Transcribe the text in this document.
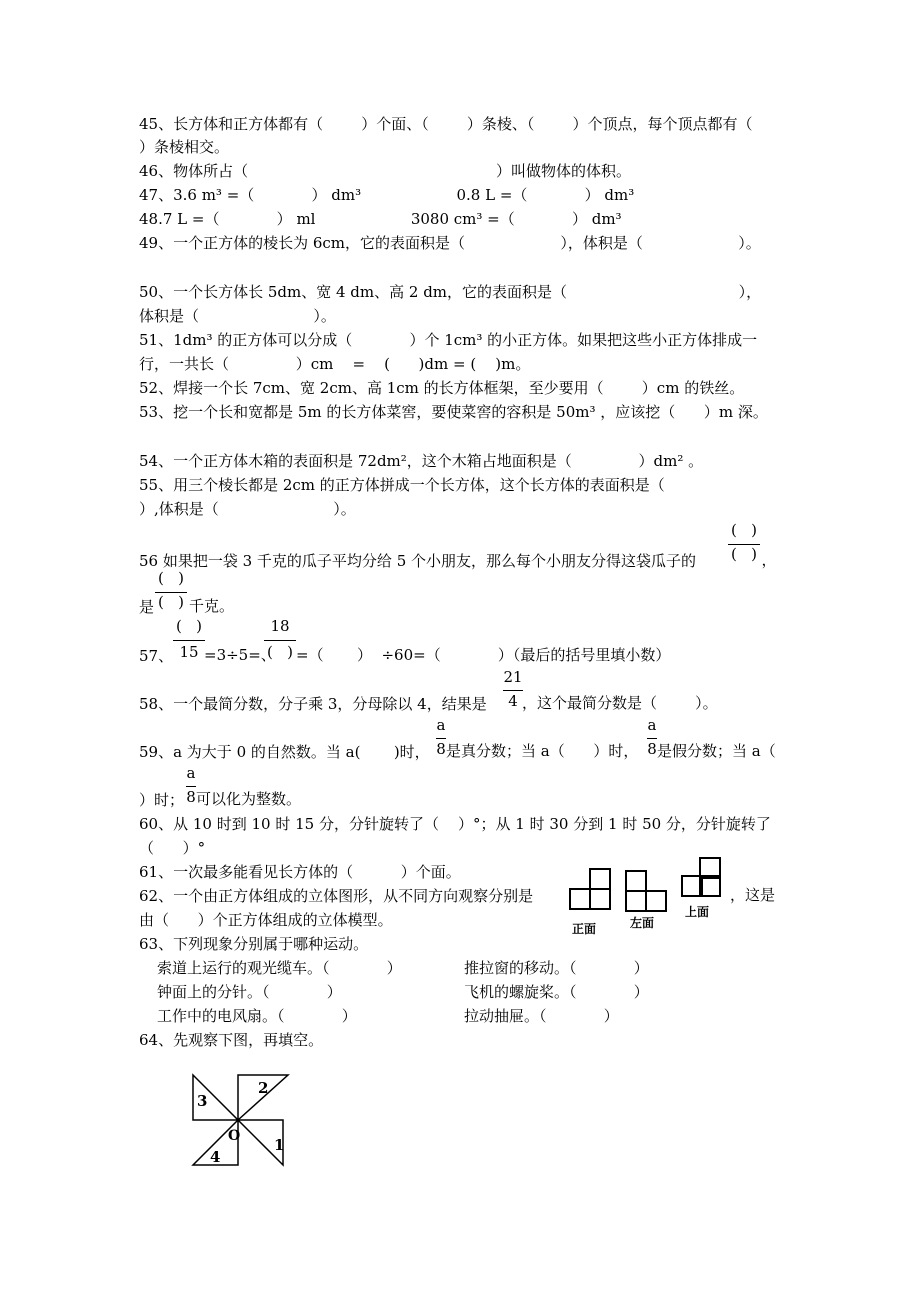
45、长方体和正方体都有（        ）个面、（        ）条棱、（        ）个顶点，每个顶点都有（
）条棱相交。
46、物体所占（                                                    ）叫做物体的体积。
47、3.6 m³ =（            ） dm³                    0.8 L =（            ） dm³
48.7 L =（            ） ml                    3080 cm³ =（            ） dm³
49、一个正方体的棱长为 6cm，它的表面积是（                    ），体积是（                    ）。
50、一个长方体长 5dm、宽 4 dm、高 2 dm，它的表面积是（                                    ），
体积是（                        ）。
51、1dm³ 的正方体可以分成（            ）个 1cm³ 的小正方体。如果把这些小正方体排成一
行，一共长（              ）cm    =    (      )dm = (    )m。
52、焊接一个长 7cm、宽 2cm、高 1cm 的长方体框架，至少要用（        ）cm 的铁丝。
53、挖一个长和宽都是 5m 的长方体菜窖，要使菜窖的容积是 50m³ ，应该挖（      ）m 深。
54、一个正方体木箱的表面积是 72dm²，这个木箱占地面积是（              ）dm² 。
55、用三个棱长都是 2cm 的正方体拼成一个长方体，这个长方体的表面积是（
）,体积是（                        ）。
56 如果把一袋 3 千克的瓜子平均分给 5 个小朋友，那么每个小朋友分得这袋瓜子的
(   )
(   ) ，
是
(   )
(   ) 千克。
57、
(   )
15 =3÷5=、
18
(   ) =（       ）  ÷60=（            ）（最后的括号里填小数）
58、一个最简分数，分子乘 3，分母除以 4，结果是
21
4 ，这个最简分数是（        ）。
59、a 为大于 0 的自然数。当 a(       )时，
a
8 是真分数；当 a（      ）时，
a
8 是假分数；当 a（
）时；
a
8 可以化为整数。
60、从 10 时到 10 时 15 分，分针旋转了（    ）°；从 1 时 30 分到 1 时 50 分，分针旋转了
（      ）°
61、一次最多能看见长方体的（          ）个面。
62、一个由正方体组成的立体图形，从不同方向观察分别是	，这是
由（      ）个正方体组成的立体模型。	正面	左面
上面
63、下列现象分别属于哪种运动。
索道上运行的观光缆车。（            ）	推拉窗的移动。（            ）
钟面上的分针。（            ）	飞机的螺旋桨。（            ）
工作中的电风扇。（            ）	拉动抽屉。（            ）
64、先观察下图，再填空。
2
3
4
1
O
